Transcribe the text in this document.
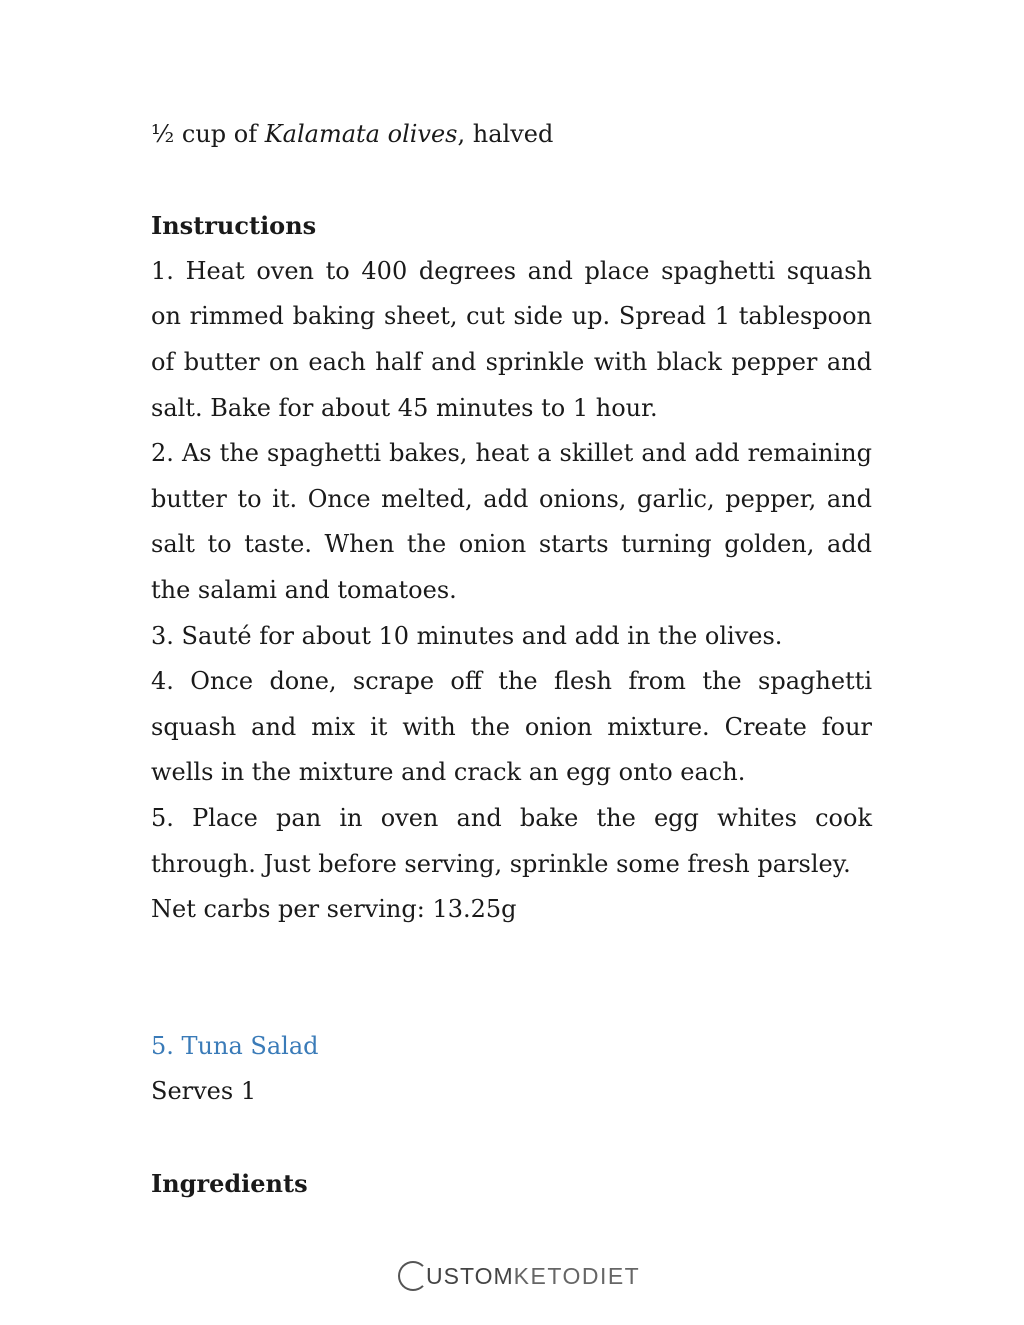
½ cup of Kalamata olives, halved

Instructions

1. Heat oven to 400 degrees and place spaghetti squash on rimmed baking sheet, cut side up. Spread 1 tablespoon of butter on each half and sprinkle with black pepper and salt. Bake for about 45 minutes to 1 hour.

2. As the spaghetti bakes, heat a skillet and add remaining butter to it. Once melted, add onions, garlic, pepper, and salt to taste. When the onion starts turning golden, add the salami and tomatoes.

3. Sauté for about 10 minutes and add in the olives.

4. Once done, scrape off the flesh from the spaghetti squash and mix it with the onion mixture. Create four wells in the mixture and crack an egg onto each.

5. Place pan in oven and bake the egg whites cook through. Just before serving, sprinkle some fresh parsley.

Net carbs per serving: 13.25g

5. Tuna Salad

Serves 1

Ingredients

USTOM KETODIET
